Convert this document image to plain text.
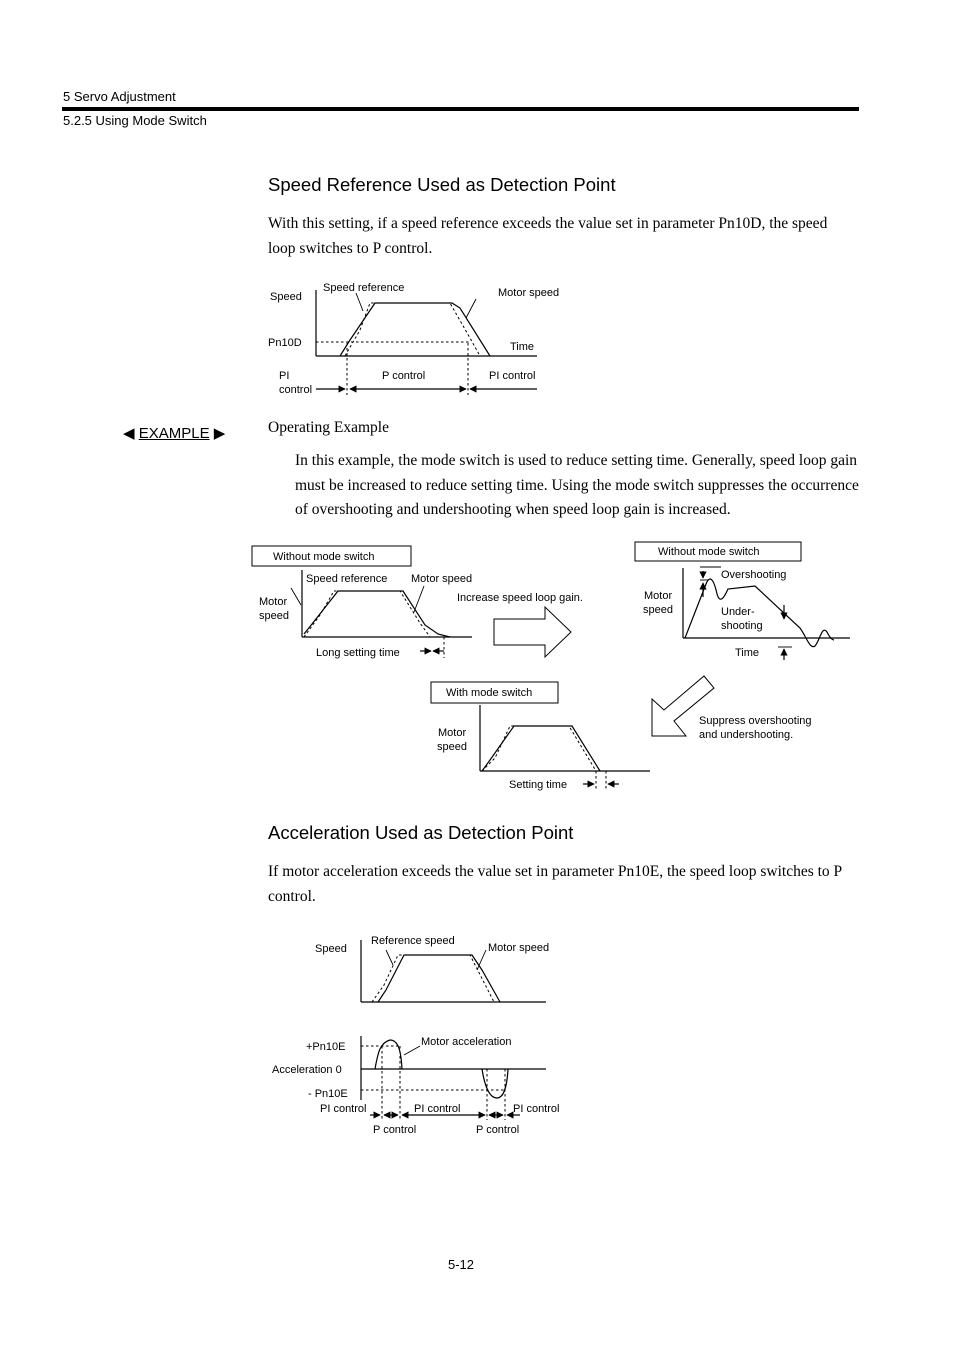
5 Servo Adjustment
5.2.5 Using Mode Switch
Speed Reference Used as Detection Point
With this setting, if a speed reference exceeds the value set in parameter Pn10D, the speed loop switches to P control.
Speed
Speed reference	Motor speed
Pn10D	Time
PI
control
P control	PI control
Without mode switch
Motor
speed
Speed reference Motor speed
Long setting time
Increase speed loop gain.
Without mode switch
Motor
speed
Overshooting
Under-
shooting
Time
Suppress overshooting
and undershooting.
With mode switch
Motor
speed
Setting time
Speed
Reference speed
Motor speed
+Pn10E
Acceleration 0
- Pn10E
Motor acceleration
PI control	PI control	PI control
P control	P control
◀ EXAMPLE ▶	Operating Example
In this example, the mode switch is used to reduce setting time. Generally, speed loop gain must be increased to reduce setting time. Using the mode switch suppresses the occurrence of overshooting and undershooting when speed loop gain is increased.
Acceleration Used as Detection Point
If motor acceleration exceeds the value set in parameter Pn10E, the speed loop switches to P control.
5-12
